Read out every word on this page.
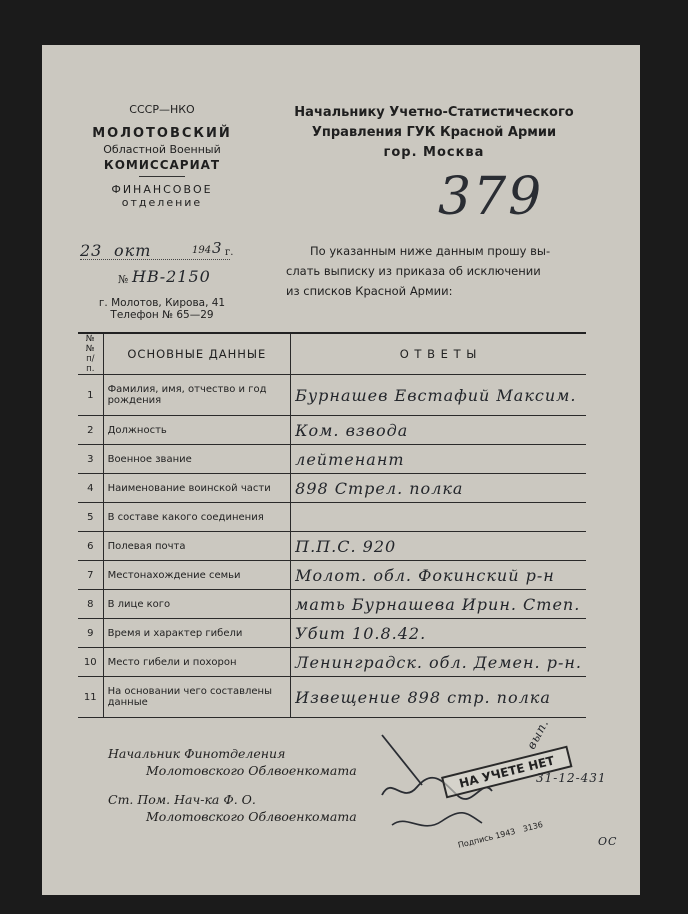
СССР—НКО
МОЛОТОВСКИЙ
Областной Военный
КОМИССАРИАТ
ФИНАНСОВОЕ
отделение
23 окт	194 3 г.
№ НВ-2150
г. Молотов, Кирова, 41
Телефон № 65—29
Начальнику Учетно-Статистического
Управления ГУК Красной Армии
гор. Москва
379
По указанным ниже данным прошу вы-
слать выписку из приказа об исключении
из списков Красной Армии:
№№ п/п.	ОСНОВНЫЕ ДАННЫЕ	О Т В Е Т Ы
1	Фамилия, имя, отчество и год рождения	Бурнашев Евстафий Максим.
2	Должность	Ком. взвода
3	Военное звание	лейтенант
4	Наименование воинской части	898 Стрел. полка
5	В составе какого соединения	
6	Полевая почта	П.П.С. 920
7	Местонахождение семьи	Молот. обл. Фокинский р-н
8	В лице кого	мать Бурнашева Ирин. Степ.
9	Время и характер гибели	Убит 10.8.42.
10	Место гибели и похорон	Ленинградск. обл. Демен. р-н.
11	На основании чего составлены данные	Извещение 898 стр. полка
Начальник Финотделения
Молотовского Облвоенкомата
Ст. Пом. Нач-ка Ф. О.
Молотовского Облвоенкомата
НА УЧЕТЕ НЕТ
Подпись 1943
3136
вып.
31-12-431
ОС
